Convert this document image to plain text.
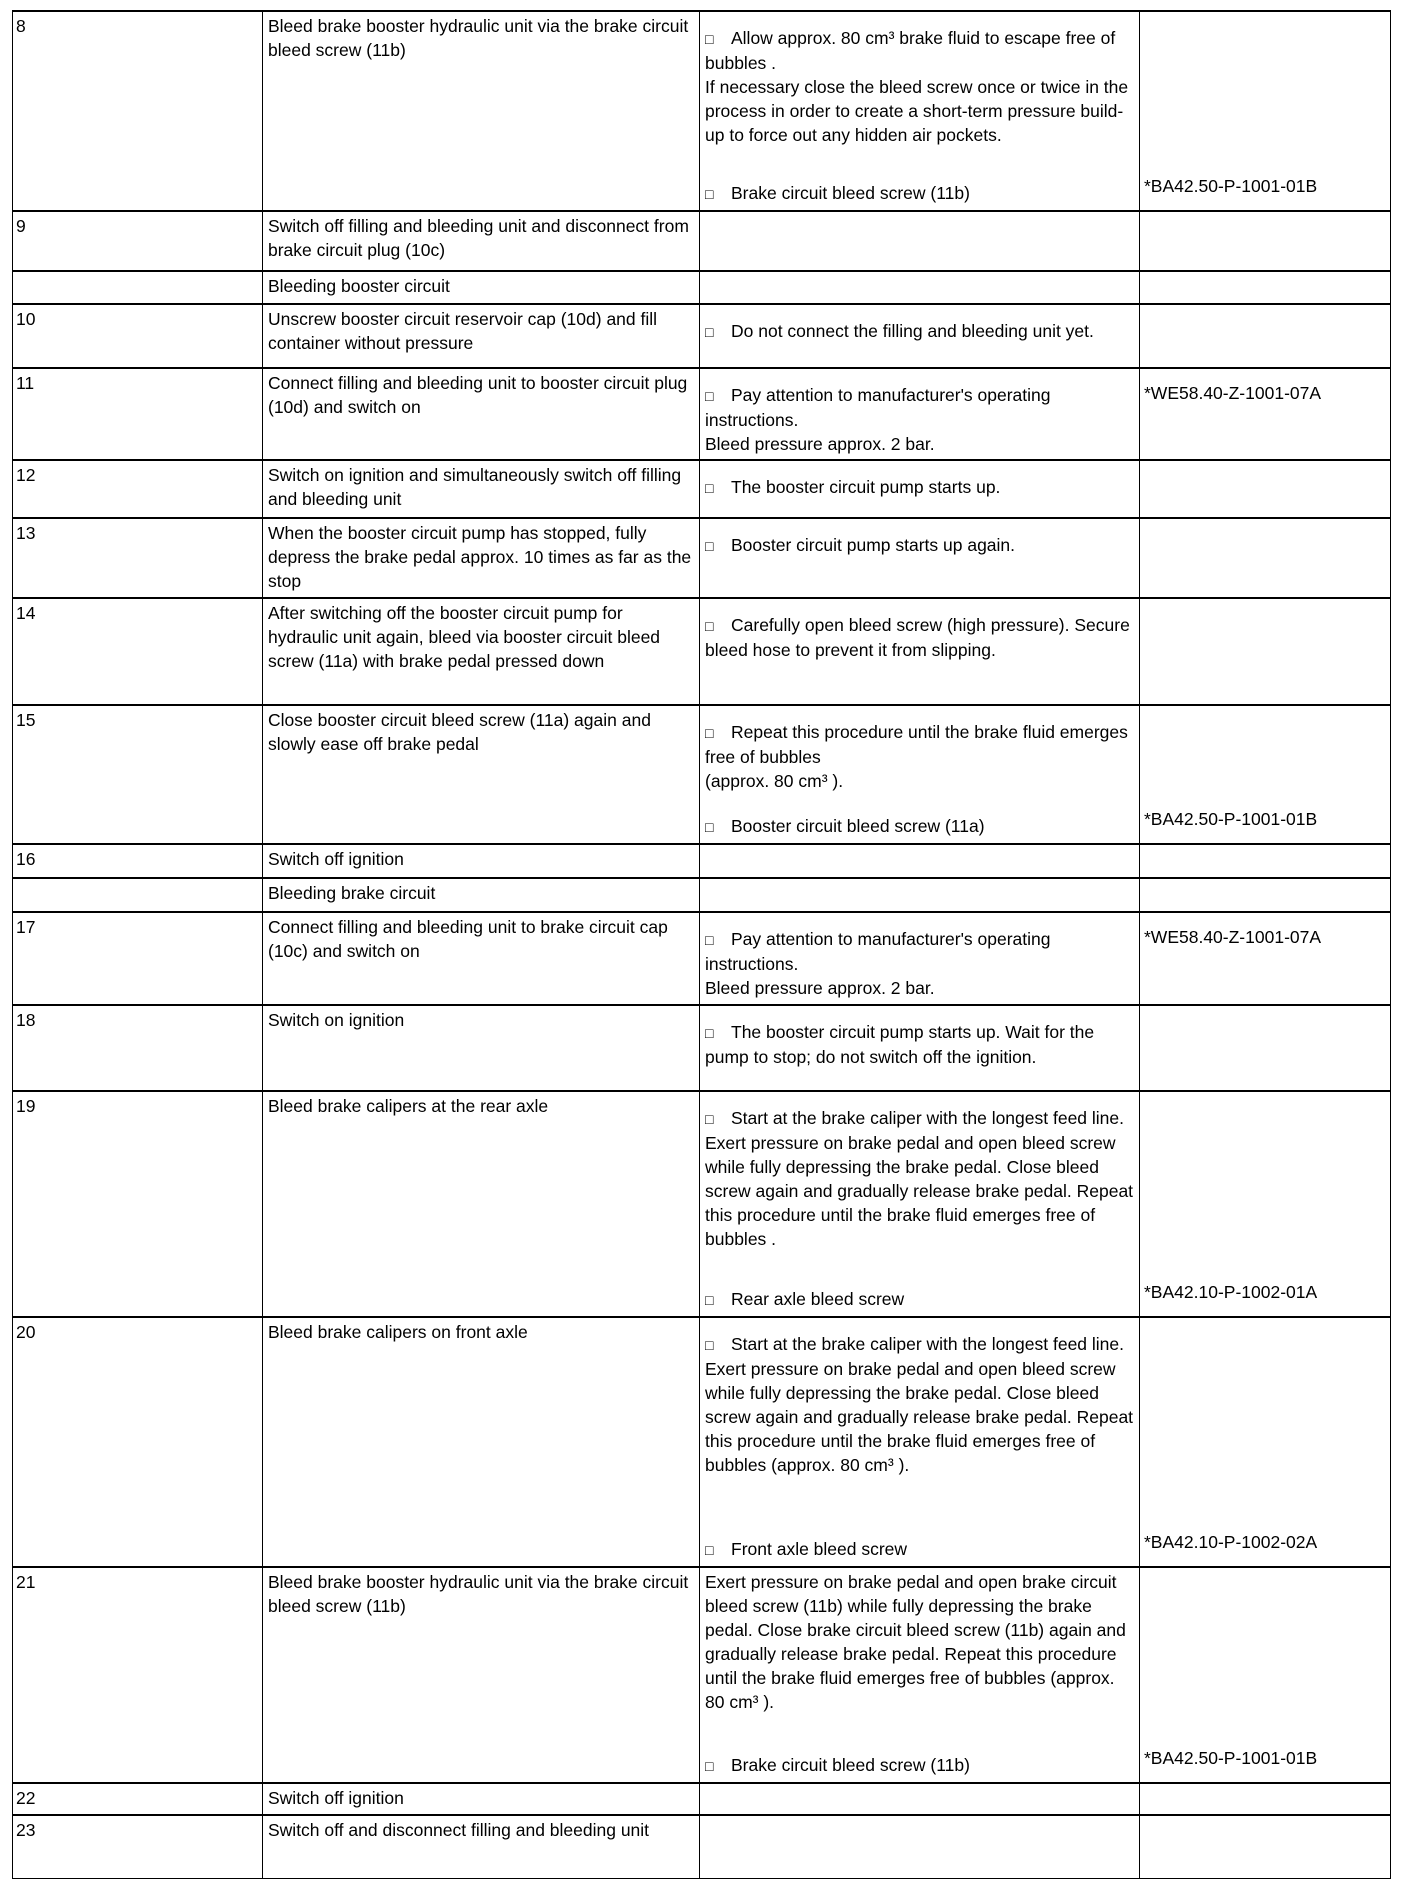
8	Bleed brake booster hydraulic unit via the brake circuit bleed screw (11b)	□ Allow approx. 80 cm³ brake fluid to escape free of bubbles .

If necessary close the bleed screw once or twice in the process in order to create a short-term pressure build-up to force out any hidden air pockets.

□ Brake circuit bleed screw (11b)	*BA42.50-P-1001-01B

9	Switch off filling and bleeding unit and disconnect from brake circuit plug (10c)		
	Bleeding booster circuit		
10	Unscrew booster circuit reservoir cap (10d) and fill container without pressure	□ Do not connect the filling and bleeding unit yet.	

11	Connect filling and bleeding unit to booster circuit plug (10d) and switch on	□ Pay attention to manufacturer's operating instructions.

Bleed pressure approx. 2 bar.	*WE58.40-Z-1001-07A

12	Switch on ignition and simultaneously switch off filling and bleeding unit	□ The booster circuit pump starts up.	

13	When the booster circuit pump has stopped, fully depress the brake pedal approx. 10 times as far as the stop	□ Booster circuit pump starts up again.	

14	After switching off the booster circuit pump for hydraulic unit again, bleed via booster circuit bleed screw (11a) with brake pedal pressed down	□ Carefully open bleed screw (high pressure). Secure bleed hose to prevent it from slipping.	

15	Close booster circuit bleed screw (11a) again and slowly ease off brake pedal	□ Repeat this procedure until the brake fluid emerges free of bubbles

(approx. 80 cm³ ).

□ Booster circuit bleed screw (11a)	*BA42.50-P-1001-01B

16	Switch off ignition		
	Bleeding brake circuit		
17	Connect filling and bleeding unit to brake circuit cap (10c) and switch on	□ Pay attention to manufacturer's operating instructions.

Bleed pressure approx. 2 bar.	*WE58.40-Z-1001-07A

18	Switch on ignition	□ The booster circuit pump starts up. Wait for the pump to stop; do not switch off the ignition.	

19	Bleed brake calipers at the rear axle	□ Start at the brake caliper with the longest feed line.

Exert pressure on brake pedal and open bleed screw while fully depressing the brake pedal. Close bleed screw again and gradually release brake pedal. Repeat this procedure until the brake fluid emerges free of bubbles .

□ Rear axle bleed screw	*BA42.10-P-1002-01A

20	Bleed brake calipers on front axle	□ Start at the brake caliper with the longest feed line.

Exert pressure on brake pedal and open bleed screw while fully depressing the brake pedal. Close bleed screw again and gradually release brake pedal. Repeat this procedure until the brake fluid emerges free of bubbles (approx. 80 cm³ ).

□ Front axle bleed screw	*BA42.10-P-1002-02A

21	Bleed brake booster hydraulic unit via the brake circuit bleed screw (11b)	Exert pressure on brake pedal and open brake circuit bleed screw (11b) while fully depressing the brake pedal. Close brake circuit bleed screw (11b) again and gradually release brake pedal. Repeat this procedure until the brake fluid emerges free of bubbles (approx. 80 cm³ ).

□ Brake circuit bleed screw (11b)	*BA42.50-P-1001-01B

22	Switch off ignition		
23	Switch off and disconnect filling and bleeding unit		
